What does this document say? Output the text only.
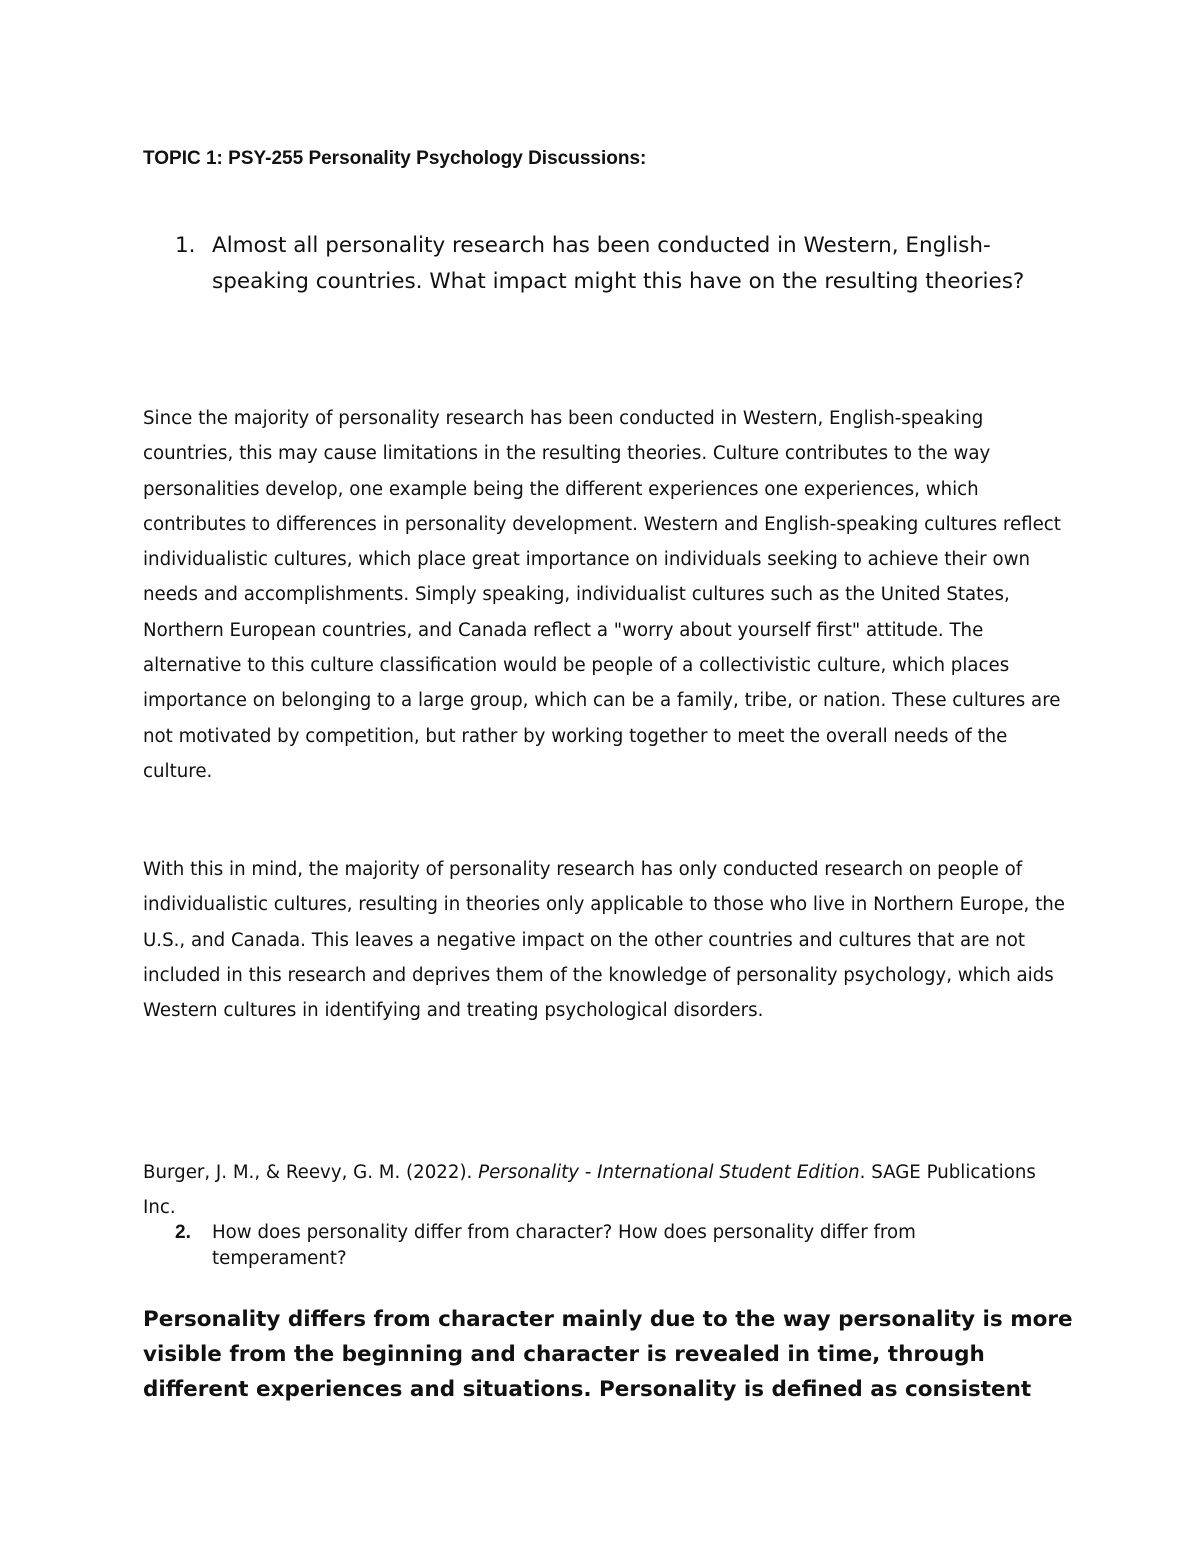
TOPIC 1: PSY-255 Personality Psychology Discussions:

1. Almost all personality research has been conducted in Western, English-speaking countries. What impact might this have on the resulting theories?

Since the majority of personality research has been conducted in Western, English-speaking countries, this may cause limitations in the resulting theories. Culture contributes to the way personalities develop, one example being the different experiences one experiences, which contributes to differences in personality development. Western and English-speaking cultures reflect individualistic cultures, which place great importance on individuals seeking to achieve their own needs and accomplishments. Simply speaking, individualist cultures such as the United States, Northern European countries, and Canada reflect a "worry about yourself first" attitude. The alternative to this culture classification would be people of a collectivistic culture, which places importance on belonging to a large group, which can be a family, tribe, or nation. These cultures are not motivated by competition, but rather by working together to meet the overall needs of the culture.

With this in mind, the majority of personality research has only conducted research on people of individualistic cultures, resulting in theories only applicable to those who live in Northern Europe, the U.S., and Canada. This leaves a negative impact on the other countries and cultures that are not included in this research and deprives them of the knowledge of personality psychology, which aids Western cultures in identifying and treating psychological disorders.

Burger, J. M., & Reevy, G. M. (2022). Personality - International Student Edition. SAGE Publications Inc.

2. How does personality differ from character? How does personality differ from temperament?

Personality differs from character mainly due to the way personality is more visible from the beginning and character is revealed in time, through different experiences and situations. Personality is defined as consistent
